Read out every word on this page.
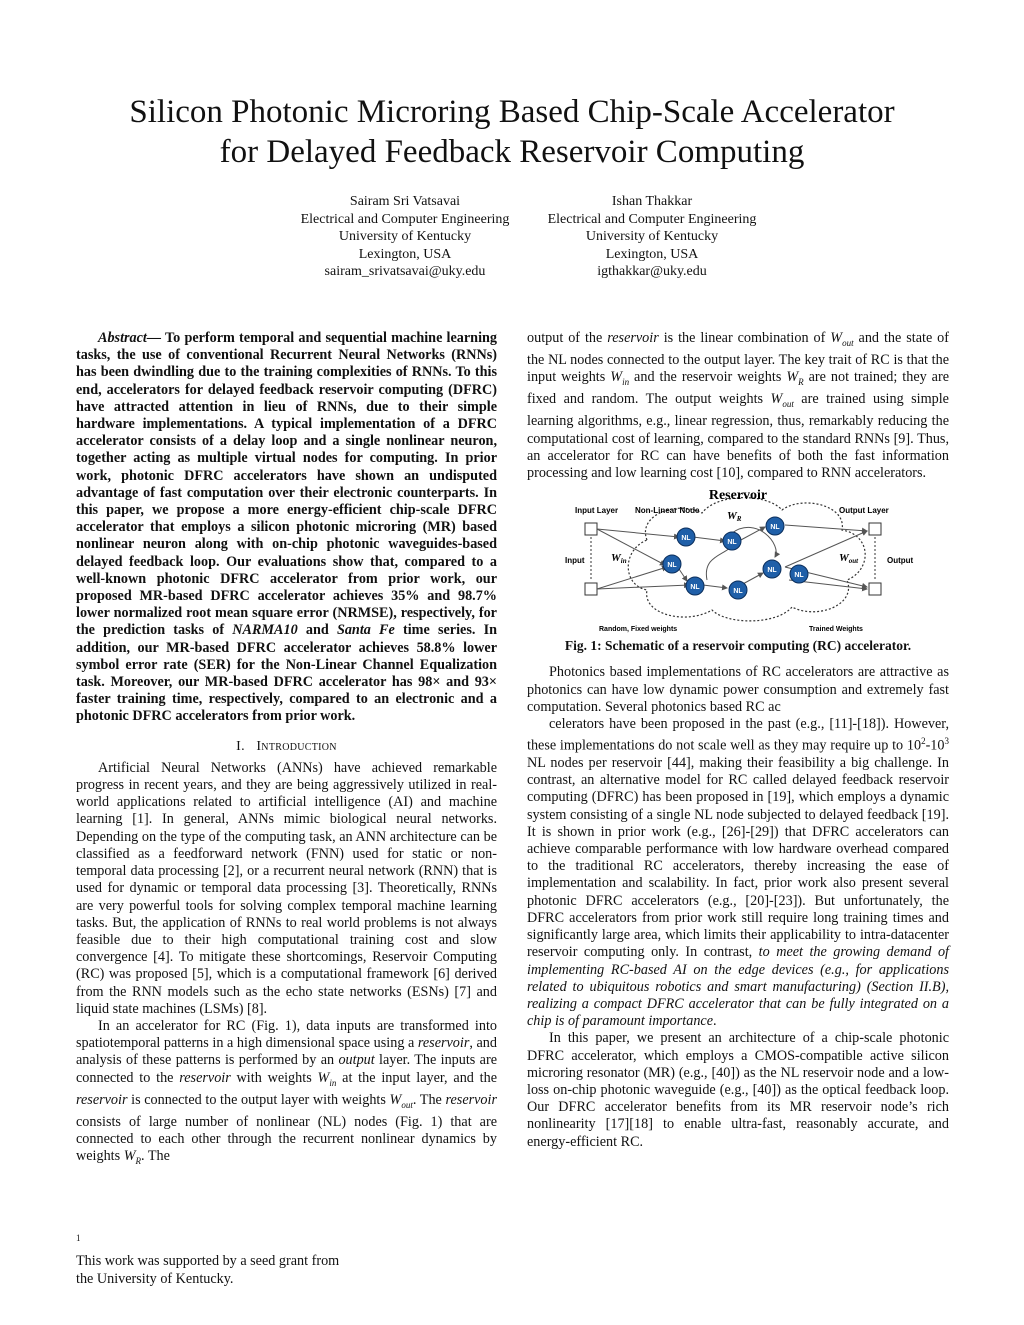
Silicon Photonic Microring Based Chip-Scale Accelerator
for Delayed Feedback Reservoir Computing
Sairam Sri Vatsavai
Electrical and Computer Engineering
University of Kentucky
Lexington, USA
sairam_srivatsavai@uky.edu
Ishan Thakkar
Electrical and Computer Engineering
University of Kentucky
Lexington, USA
igthakkar@uky.edu

Abstract— To perform temporal and sequential machine learning tasks, the use of conventional Recurrent Neural Networks (RNNs) has been dwindling due to the training complexities of RNNs. To this end, accelerators for delayed feedback reservoir computing (DFRC) have attracted attention in lieu of RNNs, due to their simple hardware implementations. A typical implementation of a DFRC accelerator consists of a delay loop and a single nonlinear neuron, together acting as multiple virtual nodes for computing. In prior work, photonic DFRC accelerators have shown an undisputed advantage of fast computation over their electronic counterparts. In this paper, we propose a more energy-efficient chip-scale DFRC accelerator that employs a silicon photonic microring (MR) based nonlinear neuron along with on-chip photonic waveguides-based delayed feedback loop. Our evaluations show that, compared to a well-known photonic DFRC accelerator from prior work, our proposed MR-based DFRC accelerator achieves 35% and 98.7% lower normalized root mean square error (NRMSE), respectively, for the prediction tasks of NARMA10 and Santa Fe time series. In addition, our MR-based DFRC accelerator achieves 58.8% lower symbol error rate (SER) for the Non-Linear Channel Equalization task. Moreover, our MR-based DFRC accelerator has 98× and 93× faster training time, respectively, compared to an electronic and a photonic DFRC accelerators from prior work.

I. Introduction

Artificial Neural Networks (ANNs) have achieved remarkable progress in recent years, and they are being aggressively utilized in real-world applications related to artificial intelligence (AI) and machine learning [1]. In general, ANNs mimic biological neural networks. Depending on the type of the computing task, an ANN architecture can be classified as a feedforward network (FNN) used for static or non-temporal data processing [2], or a recurrent neural network (RNN) that is used for dynamic or temporal data processing [3]. Theoretically, RNNs are very powerful tools for solving complex temporal machine learning tasks. But, the application of RNNs to real world problems is not always feasible due to their high computational training cost and slow convergence [4]. To mitigate these shortcomings, Reservoir Computing (RC) was proposed [5], which is a computational framework [6] derived from the RNN models such as the echo state networks (ESNs) [7] and liquid state machines (LSMs) [8].

In an accelerator for RC (Fig. 1), data inputs are transformed into spatiotemporal patterns in a high dimensional space using a reservoir, and analysis of these patterns is performed by an output layer. The inputs are connected to the reservoir with weights $W_{in}$ at the input layer, and the reservoir is connected to the output layer with weights $W_{out}$. The reservoir consists of large number of nonlinear (NL) nodes (Fig. 1) that are connected to each other through the recurrent nonlinear dynamics by weights $W_R$. The

output of the reservoir is the linear combination of $W_{out}$ and the state of the NL nodes connected to the output layer. The key trait of RC is that the input weights $W_{in}$ and the reservoir weights $W_R$ are not trained; they are fixed and random. The output weights $W_{out}$ are trained using simple learning algorithms, e.g., linear regression, thus, remarkably reducing the computational cost of learning, compared to the standard RNNs [9]. Thus, an accelerator for RC can have benefits of both the fast information processing and low learning cost [10], compared to RNN accelerators.

NL
NL
NL
NL
NL
NL
NL
NL
Reservoir
Non-Linear Node
Input Layer	Output Layer
Input	Output
Win
WR
Wout
Random, Fixed weights	Trained Weights
Fig. 1: Schematic of a reservoir computing (RC) accelerator.

Photonics based implementations of RC accelerators are attractive as photonics can have low dynamic power consumption and extremely fast computation. Several photonics based RC ac

celerators have been proposed in the past (e.g., [11]-[18]). However, these implementations do not scale well as they may require up to $10^2-10^3$ NL nodes per reservoir [44], making their feasibility a big challenge. In contrast, an alternative model for RC called delayed feedback reservoir computing (DFRC) has been proposed in [19], which employs a dynamic system consisting of a single NL node subjected to delayed feedback [19]. It is shown in prior work (e.g., [26]-[29]) that DFRC accelerators can achieve comparable performance with low hardware overhead compared to the traditional RC accelerators, thereby increasing the ease of implementation and scalability. In fact, prior work also present several photonic DFRC accelerators (e.g., [20]-[23]). But unfortunately, the DFRC accelerators from prior work still require long training times and significantly large area, which limits their applicability to intra-datacenter reservoir computing only. In contrast, to meet the growing demand of implementing RC-based AI on the edge devices (e.g., for applications related to ubiquitous robotics and smart manufacturing) (Section II.B), realizing a compact DFRC accelerator that can be fully integrated on a chip is of paramount importance.

In this paper, we present an architecture of a chip-scale photonic DFRC accelerator, which employs a CMOS-compatible active silicon microring resonator (MR) (e.g., [40]) as the NL reservoir node and a low-loss on-chip photonic waveguide (e.g., [40]) as the optical feedback loop. Our DFRC accelerator benefits from its MR reservoir node’s rich nonlinearity [17][18] to enable ultra-fast, reasonably accurate, and energy-efficient RC.

$^1$
This work was supported by a seed grant from
the University of Kentucky.
